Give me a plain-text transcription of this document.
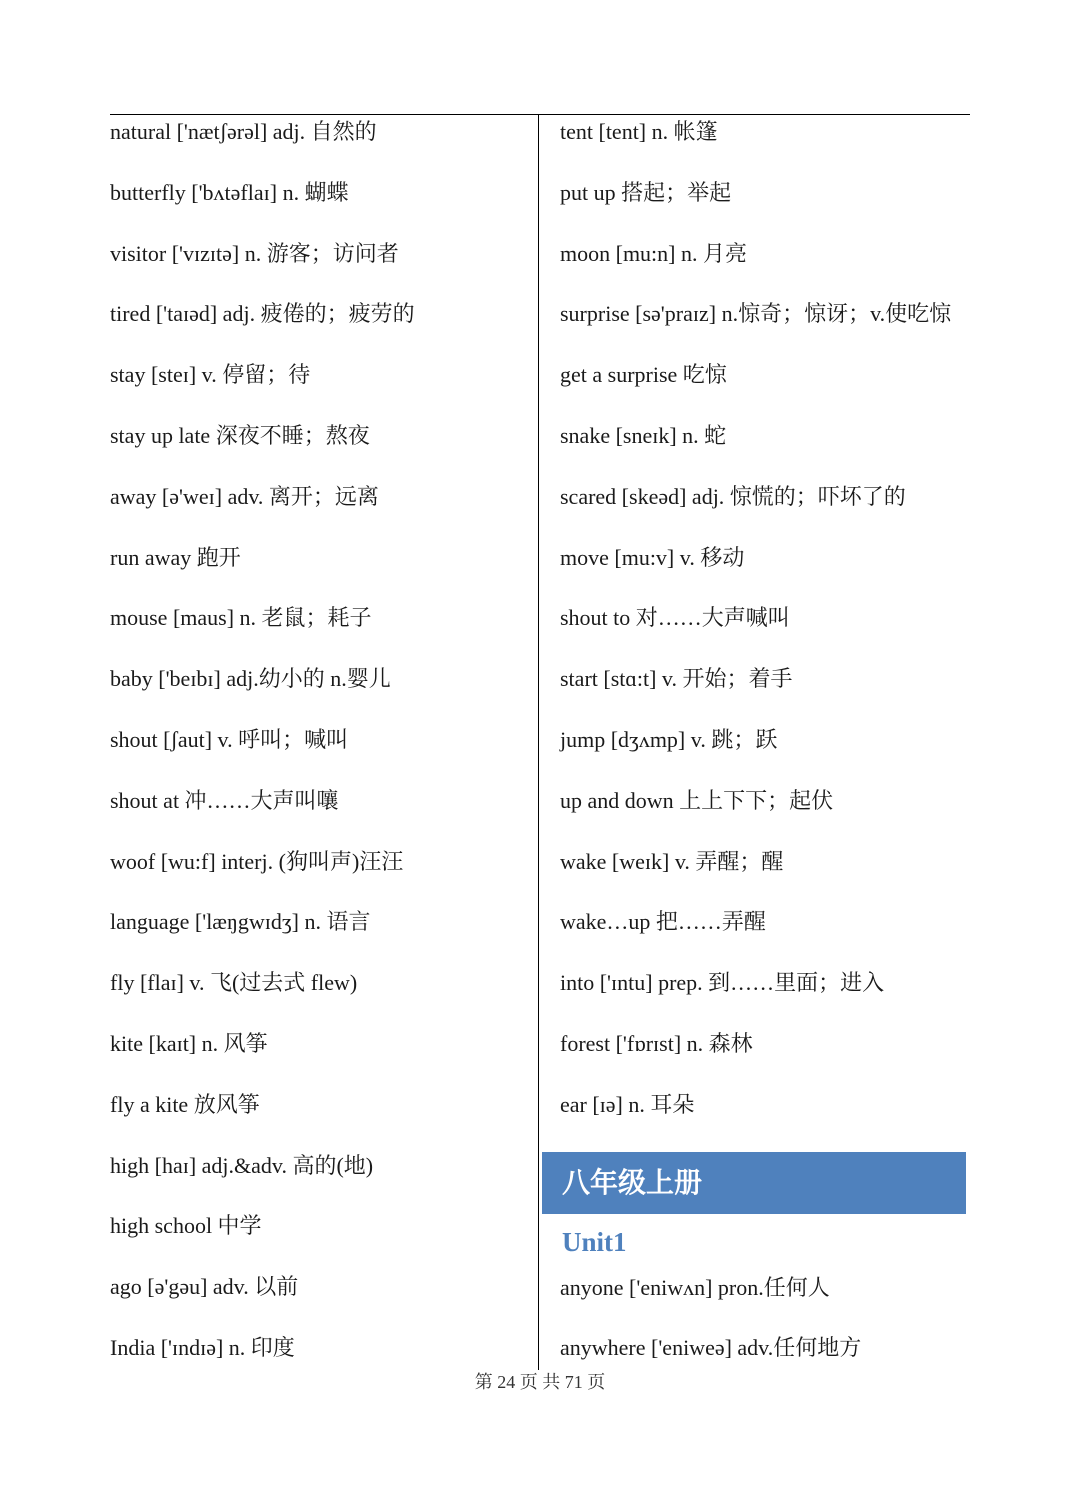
natural ['nætʃərəl] adj. 自然的
butterfly ['bʌtəflaɪ] n. 蝴蝶
visitor ['vɪzɪtə] n. 游客；访问者
tired ['taɪəd] adj. 疲倦的；疲劳的
stay [steɪ] v. 停留；待
stay up late 深夜不睡；熬夜
away [ə'weɪ] adv. 离开；远离
run away 跑开
mouse [maus] n. 老鼠；耗子
baby ['beɪbɪ] adj.幼小的 n.婴儿
shout [ʃaut] v. 呼叫；喊叫
shout at 冲……大声叫嚷
woof [wu:f] interj. (狗叫声)汪汪
language ['læŋgwɪdʒ] n. 语言
fly [flaɪ] v. 飞(过去式 flew)
kite [kaɪt] n. 风筝
fly a kite 放风筝
high [haɪ] adj.&adv. 高的(地)
high school 中学
ago [ə'gəu] adv. 以前
India ['ɪndɪə] n. 印度
tent [tent] n. 帐篷
put up 搭起；举起
moon [mu:n] n. 月亮
surprise [sə'praɪz] n.惊奇；惊讶；v.使吃惊
get a surprise 吃惊
snake [sneɪk] n. 蛇
scared [skeəd] adj. 惊慌的；吓坏了的
move [mu:v] v. 移动
shout to 对……大声喊叫
start [stɑ:t] v. 开始；着手
jump [dʒʌmp] v. 跳；跃
up and down 上上下下；起伏
wake [weɪk] v. 弄醒；醒
wake…up 把……弄醒
into ['ɪntu] prep. 到……里面；进入
forest ['fɒrɪst] n. 森林
ear [ɪə] n. 耳朵
八年级上册
Unit1
anyone ['eniwʌn] pron.任何人
anywhere ['eniweə] adv.任何地方
第 24 页 共 71 页
